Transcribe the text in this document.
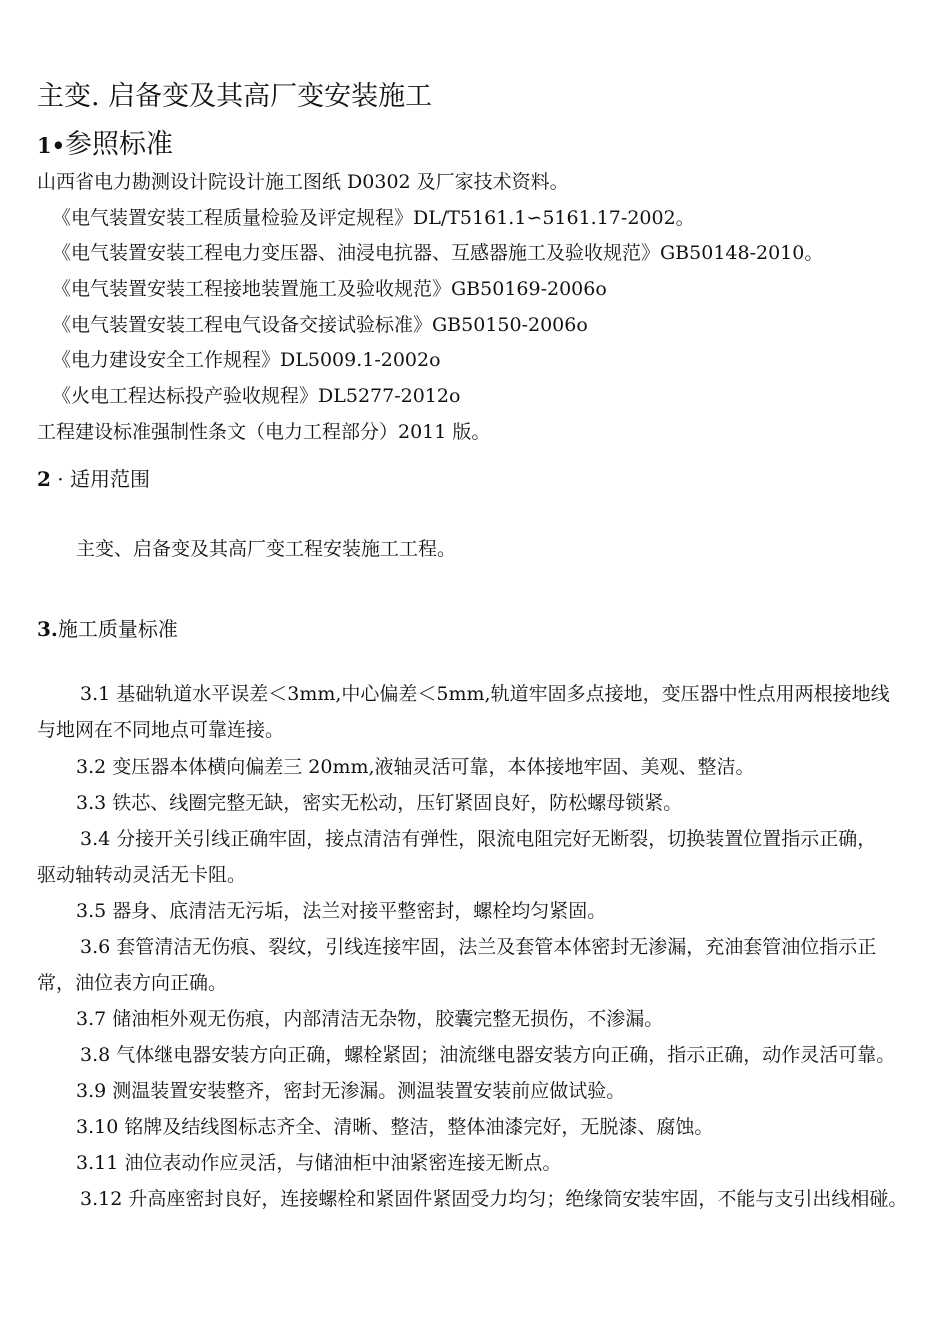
主变. 启备变及其高厂变安装施工
1•参照标准
山西省电力勘测设计院设计施工图纸 D0302 及厂家技术资料。
《电气装置安装工程质量检验及评定规程》DL/T5161.1∽5161.17-2002。
《电气装置安装工程电力变压器、油浸电抗器、互感器施工及验收规范》GB50148-2010。
《电气装置安装工程接地装置施工及验收规范》GB50169-2006o
《电气装置安装工程电气设备交接试验标准》GB50150-2006o
《电力建设安全工作规程》DL5009.1-2002o
《火电工程达标投产验收规程》DL5277-2012o
工程建设标准强制性条文（电力工程部分）2011 版。
2 · 适用范围
主变、启备变及其高厂变工程安装施工工程。
3.施工质量标准
3.1 基础轨道水平误差＜3mm,中心偏差＜5mm,轨道牢固多点接地，变压器中性点用两根接地线
与地网在不同地点可靠连接。
3.2 变压器本体横向偏差三 20mm,液轴灵活可靠，本体接地牢固、美观、整洁。
3.3 铁芯、线圈完整无缺，密实无松动，压钉紧固良好，防松螺母锁紧。
3.4 分接开关引线正确牢固，接点清洁有弹性，限流电阻完好无断裂，切换装置位置指示正确，
驱动轴转动灵活无卡阻。
3.5 器身、底清洁无污垢，法兰对接平整密封，螺栓均匀紧固。
3.6 套管清洁无伤痕、裂纹，引线连接牢固，法兰及套管本体密封无渗漏，充油套管油位指示正
常，油位表方向正确。
3.7 储油柜外观无伤痕，内部清洁无杂物，胶囊完整无损伤，不渗漏。
3.8 气体继电器安装方向正确，螺栓紧固；油流继电器安装方向正确，指示正确，动作灵活可靠。
3.9 测温装置安装整齐，密封无渗漏。测温装置安装前应做试验。
3.10 铭牌及结线图标志齐全、清晰、整洁，整体油漆完好，无脱漆、腐蚀。
3.11 油位表动作应灵活，与储油柜中油紧密连接无断点。
3.12 升高座密封良好，连接螺栓和紧固件紧固受力均匀；绝缘筒安装牢固，不能与支引出线相碰。
